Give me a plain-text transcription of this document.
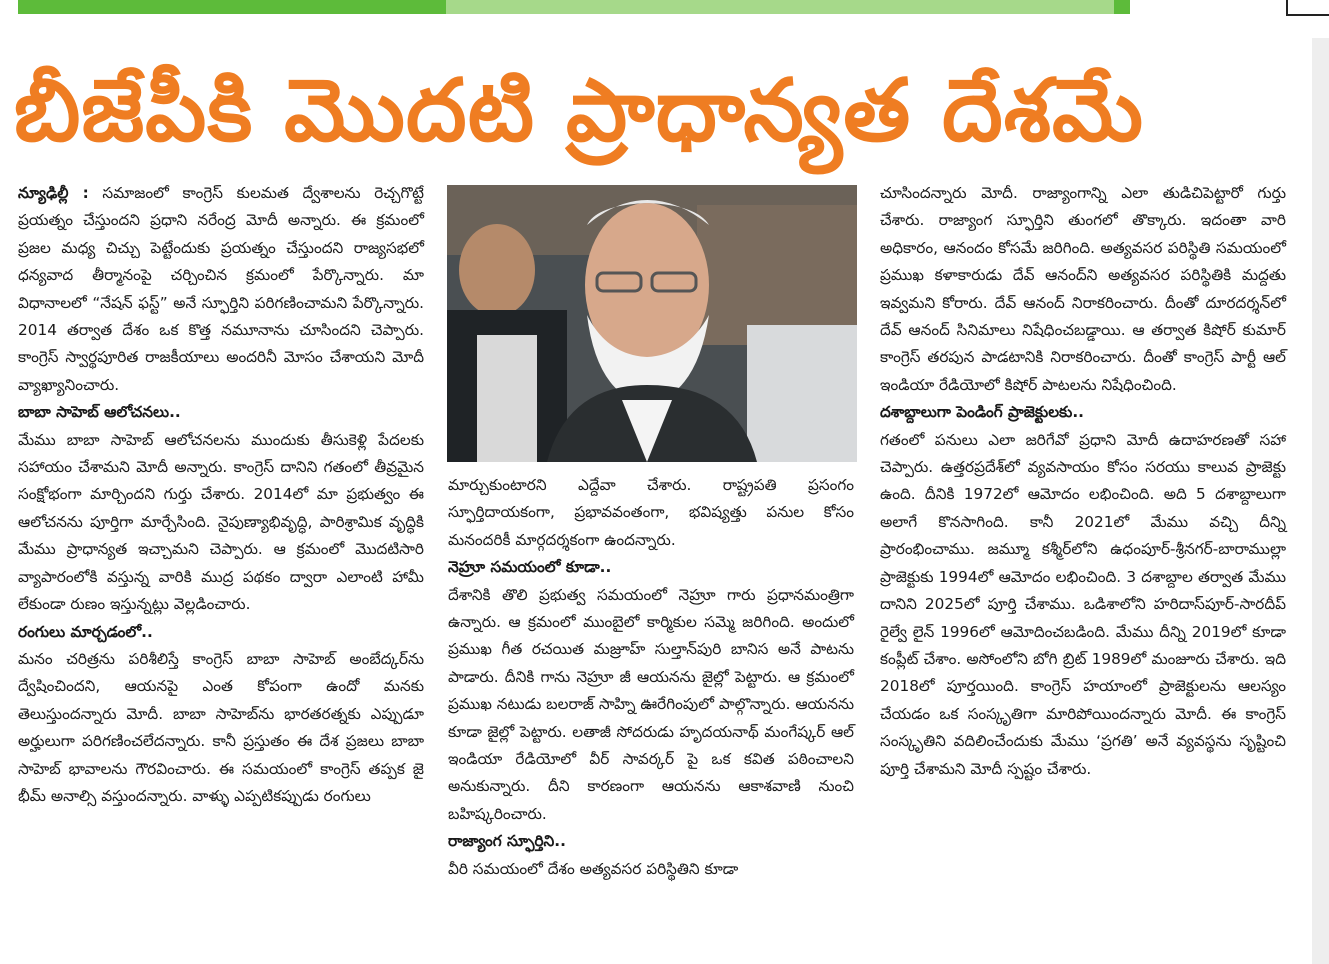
బీజేపీకి మొదటి ప్రాధాన్యత దేశమే

న్యూఢిల్లీ : సమాజంలో కాంగ్రెస్ కులమత ద్వేశాలను రెచ్చగొట్టే ప్రయత్నం చేస్తుందని ప్రధాని నరేంద్ర మోదీ అన్నారు. ఈ క్రమంలో ప్రజల మధ్య చిచ్చు పెట్టేందుకు ప్రయత్నం చేస్తుందని రాజ్యసభలో ధన్యవాద తీర్మానంపై చర్చించిన క్రమంలో పేర్కొన్నారు. మా విధానాలలో “నేషన్ ఫస్ట్” అనే స్ఫూర్తిని పరిగణించామని పేర్కొన్నారు. 2014 తర్వాత దేశం ఒక కొత్త నమూనాను చూసిందని చెప్పారు. కాంగ్రెస్ స్వార్థపూరిత రాజకీయాలు అందరినీ మోసం చేశాయని మోదీ వ్యాఖ్యానించారు.

బాబా సాహెబ్ ఆలోచనలు..

మేము బాబా సాహెబ్ ఆలోచనలను ముందుకు తీసుకెళ్లి పేదలకు సహాయం చేశామని మోదీ అన్నారు. కాంగ్రెస్ దానిని గతంలో తీవ్రమైన సంక్షోభంగా మార్చిందని గుర్తు చేశారు. 2014లో మా ప్రభుత్వం ఈ ఆలోచనను పూర్తిగా మార్చేసింది. నైపుణ్యాభివృద్ధి, పారిశ్రామిక వృద్ధికి మేము ప్రాధాన్యత ఇచ్చామని చెప్పారు. ఆ క్రమంలో మొదటిసారి వ్యాపారంలోకి వస్తున్న వారికి ముద్ర పథకం ద్వారా ఎలాంటి హామీ లేకుండా రుణం ఇస్తున్నట్లు వెల్లడించారు.

రంగులు మార్చడంలో..

మనం చరిత్రను పరిశీలిస్తే కాంగ్రెస్ బాబా సాహెబ్ అంబేద్కర్‌ను ద్వేషించిందని, ఆయనపై ఎంత కోపంగా ఉందో మనకు తెలుస్తుందన్నారు మోదీ. బాబా సాహెబ్‌ను భారతరత్నకు ఎప్పుడూ అర్హులుగా పరిగణించలేదన్నారు. కానీ ప్రస్తుతం ఈ దేశ ప్రజలు బాబా సాహెబ్ భావాలను గౌరవించారు. ఈ సమయంలో కాంగ్రెస్ తప్పక జై భీమ్ అనాల్సి వస్తుందన్నారు. వాళ్ళు ఎప్పటికప్పుడు రంగులు

మార్చుకుంటారని ఎద్దేవా చేశారు. రాష్ట్రపతి ప్రసంగం స్ఫూర్తిదాయకంగా, ప్రభావవంతంగా, భవిష్యత్తు పనుల కోసం మనందరికీ మార్గదర్శకంగా ఉందన్నారు.

నెహ్రూ సమయంలో కూడా..

దేశానికి తొలి ప్రభుత్వ సమయంలో నెహ్రూ గారు ప్రధానమంత్రిగా ఉన్నారు. ఆ క్రమంలో ముంబైలో కార్మికుల సమ్మె జరిగింది. అందులో ప్రముఖ గీత రచయిత మజ్రూహ్ సుల్తాన్‌పురి బానిస అనే పాటను పాడారు. దీనికి గాను నెహ్రూ జీ ఆయనను జైల్లో పెట్టారు. ఆ క్రమంలో ప్రముఖ నటుడు బలరాజ్ సాహ్ని ఊరేగింపులో పాల్గొన్నారు. ఆయనను కూడా జైల్లో పెట్టారు. లతాజీ సోదరుడు హృదయనాథ్ మంగేష్కర్ ఆల్ ఇండియా రేడియోలో వీర్ సావర్కర్ పై ఒక కవిత పఠించాలని అనుకున్నారు. దీని కారణంగా ఆయనను ఆకాశవాణి నుంచి బహిష్కరించారు.

రాజ్యాంగ స్ఫూర్తిని..

వీరి సమయంలో దేశం అత్యవసర పరిస్థితిని కూడా

చూసిందన్నారు మోదీ. రాజ్యాంగాన్ని ఎలా తుడిచిపెట్టారో గుర్తు చేశారు. రాజ్యాంగ స్ఫూర్తిని తుంగలో తొక్కారు. ఇదంతా వారి అధికారం, ఆనందం కోసమే జరిగింది. అత్యవసర పరిస్థితి సమయంలో ప్రముఖ కళాకారుడు దేవ్ ఆనంద్‌ని అత్యవసర పరిస్థితికి మద్దతు ఇవ్వమని కోరారు. దేవ్ ఆనంద్ నిరాకరించారు. దీంతో దూరదర్శన్‌లో దేవ్ ఆనంద్ సినిమాలు నిషేధించబడ్డాయి. ఆ తర్వాత కిషోర్ కుమార్ కాంగ్రెస్ తరపున పాడటానికి నిరాకరించారు. దీంతో కాంగ్రెస్ పార్టీ ఆల్ ఇండియా రేడియోలో కిషోర్ పాటలను నిషేధించింది.

దశాబ్దాలుగా పెండింగ్ ప్రాజెక్టులకు..

గతంలో పనులు ఎలా జరిగేవో ప్రధాని మోదీ ఉదాహరణతో సహా చెప్పారు. ఉత్తరప్రదేశ్‌లో వ్యవసాయం కోసం సరయు కాలువ ప్రాజెక్టు ఉంది. దీనికి 1972లో ఆమోదం లభించింది. అది 5 దశాబ్దాలుగా అలాగే కొనసాగింది. కానీ 2021లో మేము వచ్చి దీన్ని ప్రారంభించాము. జమ్మూ కశ్మీర్‌లోని ఉధంపూర్-శ్రీనగర్-బారాముల్లా ప్రాజెక్టుకు 1994లో ఆమోదం లభించింది. 3 దశాబ్దాల తర్వాత మేము దానిని 2025లో పూర్తి చేశాము. ఒడిశాలోని హరిదాస్‌పూర్-సారదీప్ రైల్వే లైన్ 1996లో ఆమోదించబడింది. మేము దీన్ని 2019లో కూడా కంప్లీట్ చేశాం. అసోంలోని బోగి బ్రిట్ 1989లో మంజూరు చేశారు. ఇది 2018లో పూర్తయింది. కాంగ్రెస్ హయాంలో ప్రాజెక్టులను ఆలస్యం చేయడం ఒక సంస్కృతిగా మారిపోయిందన్నారు మోదీ. ఈ కాంగ్రెస్ సంస్కృతిని వదిలించేందుకు మేము ‘ప్రగతి’ అనే వ్యవస్థను సృష్టించి పూర్తి చేశామని మోదీ స్పష్టం చేశారు.
